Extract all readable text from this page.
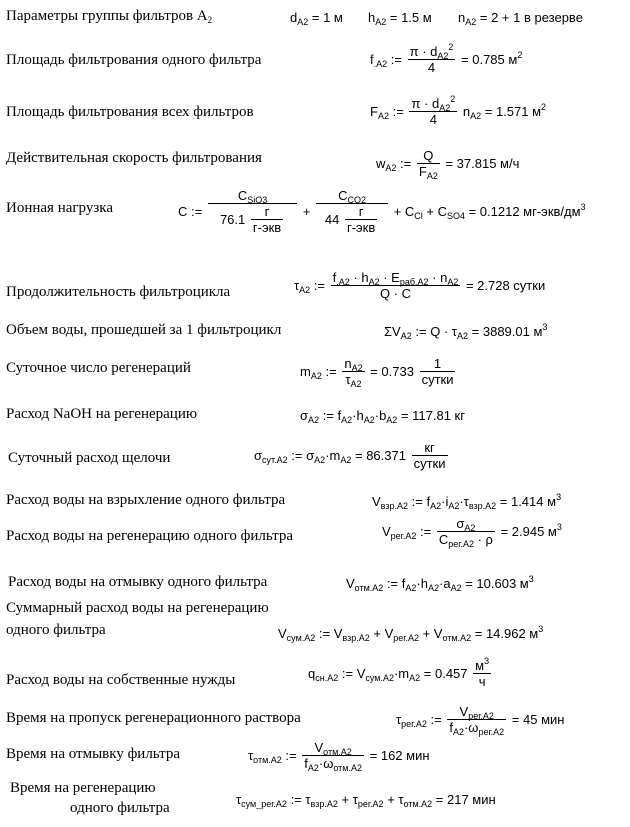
Параметры группы фильтров $A_2$	$d_{A2} = 1$ м $h_{A2} = 1.5$ м $n_{A2} = 2 + 1$ в резерве
Площадь фильтрования одного фильтра	$f_{.A2}$ := $\frac{\pi \cdot d_{A2}^2}{4} = 0.785$ $м^2$
Площадь фильтрования всех фильтров	$F_{A2}$ := $\frac{\pi \cdot d_{A2}^2}{4} n_{A2} = 1.571$ $м^2$
Действительная скорость фильтрования	$w_{A2}$ := $\frac{Q}{F_{A2}} = 37.815$ м/ч
Ионная нагрузка	C := $\frac{C_{SiO3}}{76.1 \frac{г}{\text{г-экв}}} + \frac{C_{CO2}}{44 \frac{г}{\text{г-экв}}} + C_{Cl} + C_{SO4} = 0.1212$ $мг-экв/дм^3$
Продолжительность фильтроцикла	$\tau_{A2}$ := $\frac{f_{.A2} \cdot h_{A2} \cdot E_{раб.A2} \cdot n_{A2}}{Q \cdot C} = 2.728$ сутки
Объем воды, прошедшей за 1 фильтроцикл	$\Sigma V_{A2}$ := $Q \cdot \tau_{A2} = 3889.01$ $м^3$
Суточное число регенераций	$m_{A2}$ := $\frac{n_{A2}}{\tau_{A2}} = 0.733 \frac{1}{\text{сутки}}$
Расход NaOH на регенерацию	$\sigma_{A2}$ := $f_{A2}\cdot h_{A2}\cdot b_{A2} = 117.81$ кг
Суточный расход щелочи	$\sigma_{сут.A2}$ := $\sigma_{A2}\cdot m_{A2} = 86.371 \frac{кг}{\text{сутки}}$
Расход воды на взрыхление одного фильтра	$V_{взр.A2}$ := $f_{A2}\cdot i_{A2}\cdot\tau_{взр.A2} = 1.414$ $м^3$
Расход воды на регенерацию одного фильтра	$V_{рег.A2}$ := $\frac{\sigma_{A2}}{C_{рег.A2} \cdot \rho} = 2.945$ $м^3$
Расход воды на отмывку одного фильтра	$V_{отм.A2}$ := $f_{A2}\cdot h_{A2}\cdot a_{A2} = 10.603$ $м^3$
Суммарный расход воды на регенерацию
одного фильтра	$V_{сум.A2}$ := $V_{взр.A2} + V_{рег.A2} + V_{отм.A2} = 14.962$ $м^3$
Расход воды на собственные нужды	$q_{сн.A2}$ := $V_{сум.A2}\cdot m_{A2} = 0.457 \frac{м^3}{ч}$
Время на пропуск регенерационного раствора	$\tau_{рег.A2}$ := $\frac{V_{рег.A2}}{f_{A2}\cdot\omega_{рег.A2}} = 45$ мин
Время на отмывку фильтра	$\tau_{отм.A2}$ := $\frac{V_{отм.A2}}{f_{A2}\cdot\omega_{отм.A2}} = 162$ мин
Время на регенерацию
одного фильтра
$\tau_{сум\_рег.A2}$ := $\tau_{взр.A2} + \tau_{рег.A2} + \tau_{отм.A2} = 217$ мин
